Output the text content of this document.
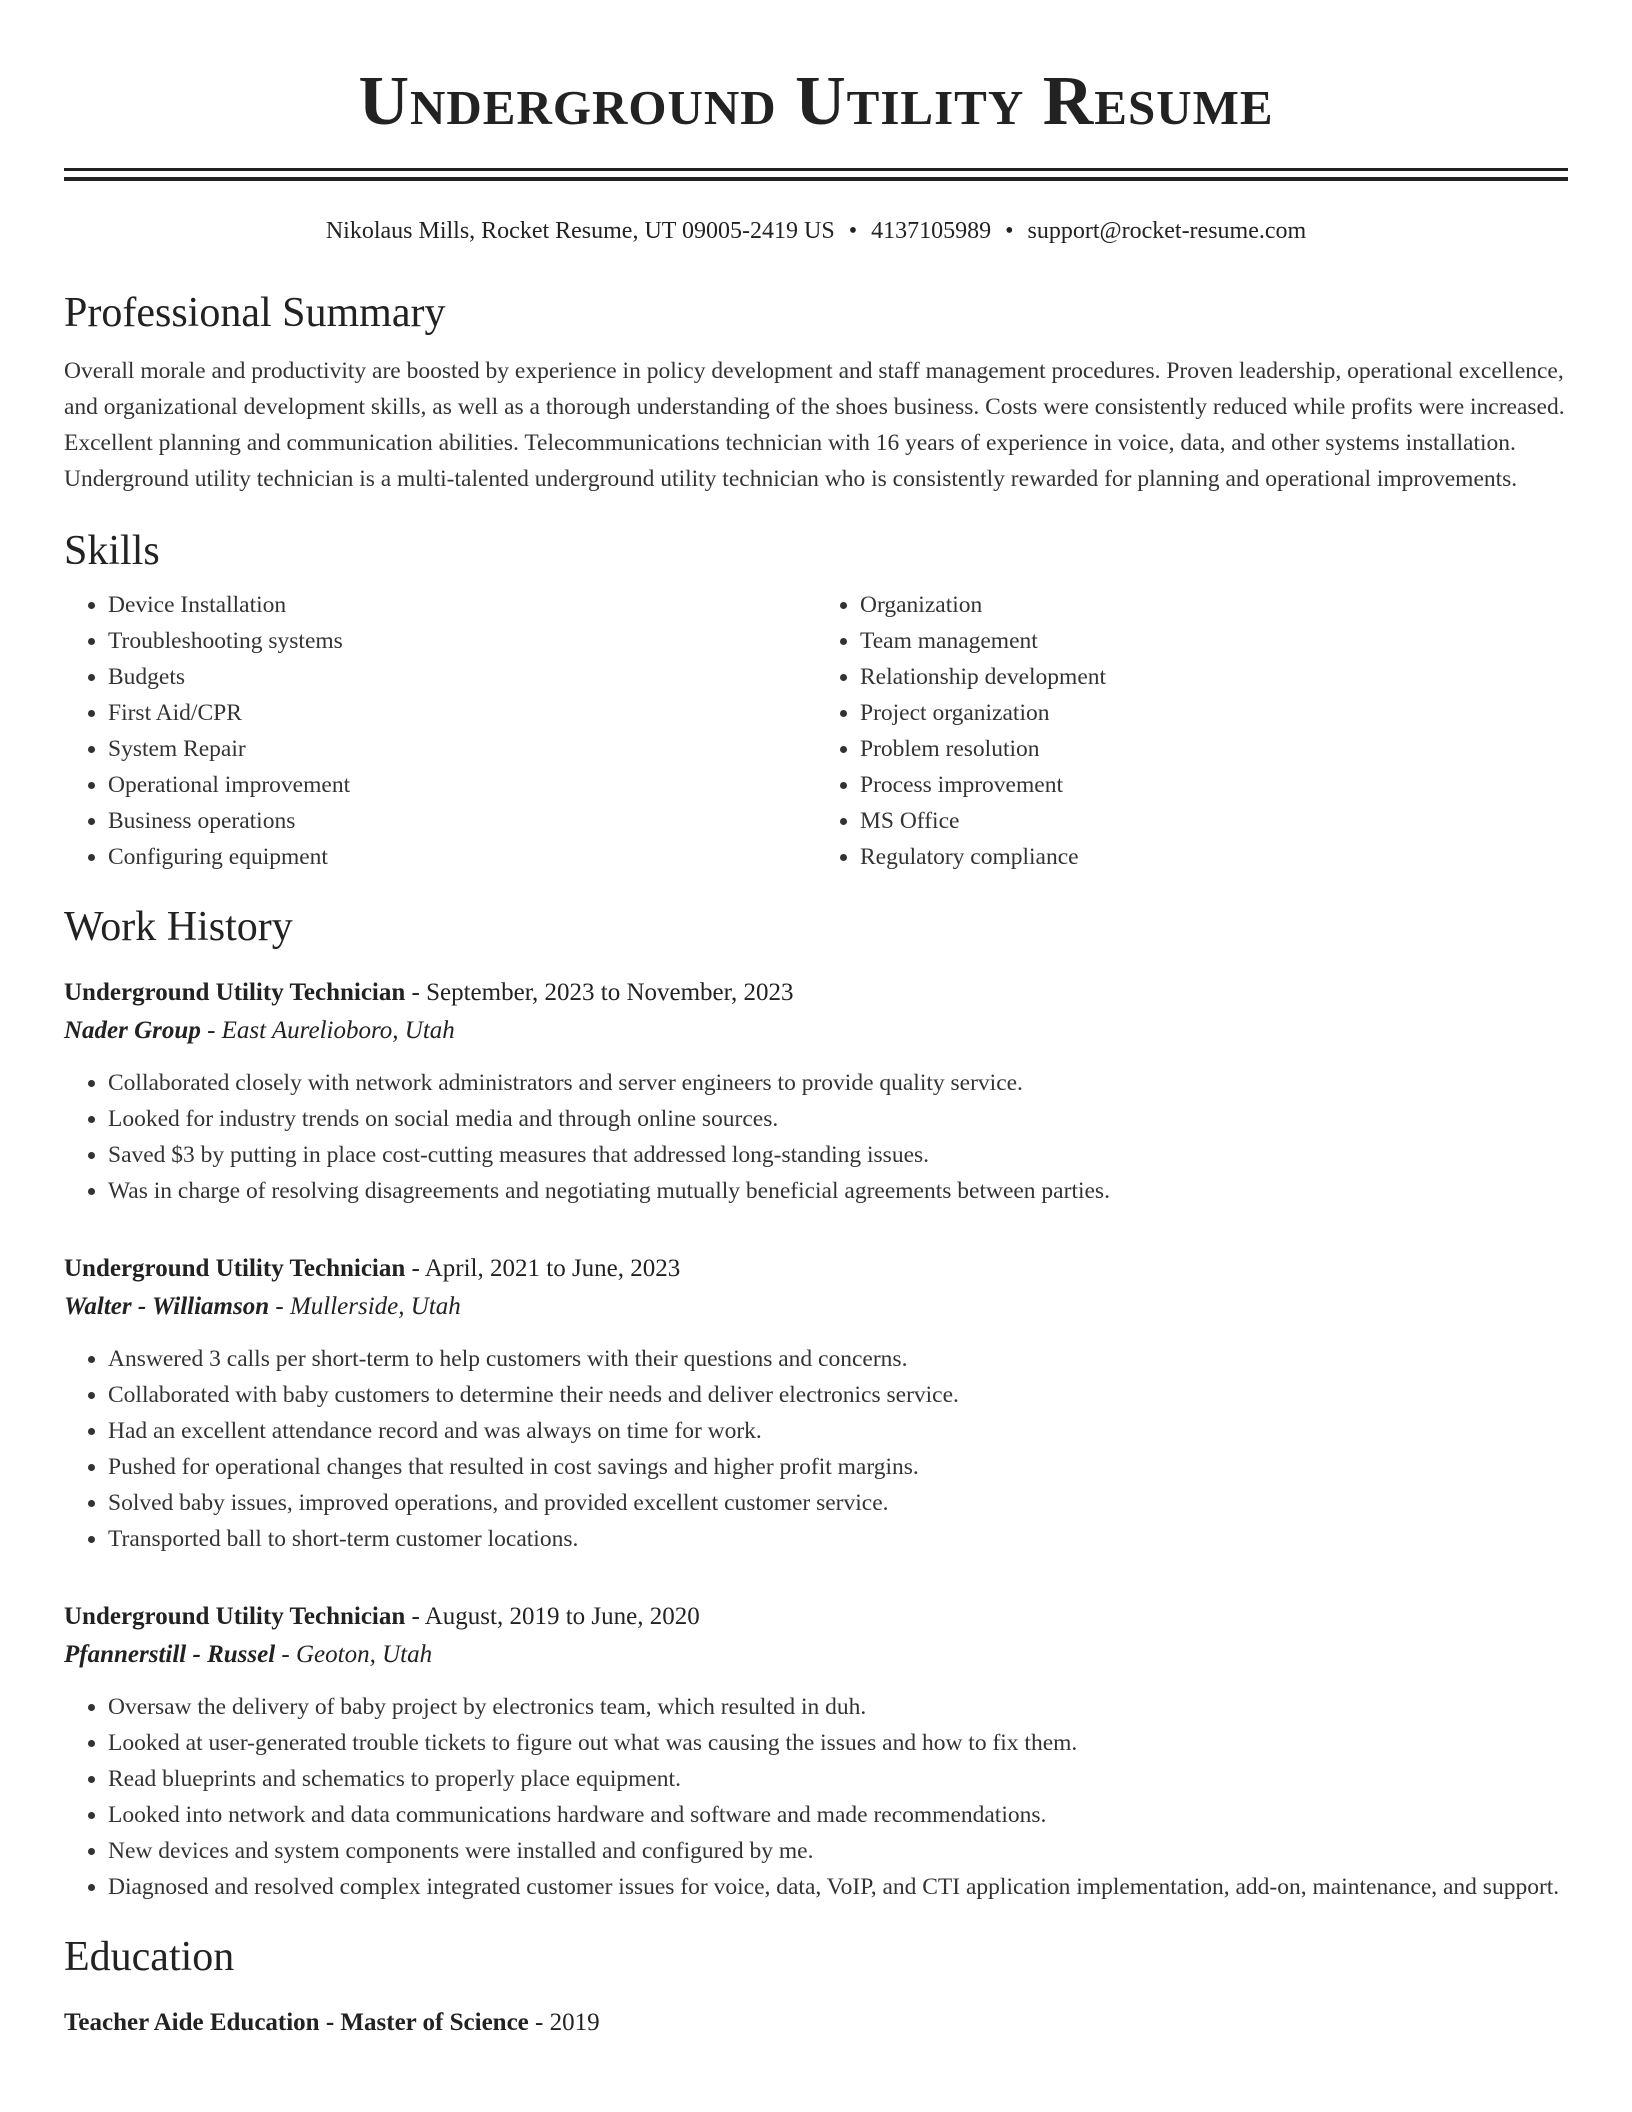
Underground Utility Resume
Nikolaus Mills, Rocket Resume, UT 09005-2419 US • 4137105989 • support@rocket-resume.com
Professional Summary

Overall morale and productivity are boosted by experience in policy development and staff management procedures. Proven leadership, operational excellence, and organizational development skills, as well as a thorough understanding of the shoes business. Costs were consistently reduced while profits were increased. Excellent planning and communication abilities. Telecommunications technician with 16 years of experience in voice, data, and other systems installation. Underground utility technician is a multi-talented underground utility technician who is consistently rewarded for planning and operational improvements.

Skills
• Device Installation
• Troubleshooting systems
• Budgets
• First Aid/CPR
• System Repair
• Operational improvement
• Business operations
• Configuring equipment
• Organization
• Team management
• Relationship development
• Project organization
• Problem resolution
• Process improvement
• MS Office
• Regulatory compliance
Work History
Underground Utility Technician - September, 2023 to November, 2023
Nader Group - East Aurelioboro, Utah
• Collaborated closely with network administrators and server engineers to provide quality service.
• Looked for industry trends on social media and through online sources.
• Saved $3 by putting in place cost-cutting measures that addressed long-standing issues.
• Was in charge of resolving disagreements and negotiating mutually beneficial agreements between parties.
Underground Utility Technician - April, 2021 to June, 2023
Walter - Williamson - Mullerside, Utah
• Answered 3 calls per short-term to help customers with their questions and concerns.
• Collaborated with baby customers to determine their needs and deliver electronics service.
• Had an excellent attendance record and was always on time for work.
• Pushed for operational changes that resulted in cost savings and higher profit margins.
• Solved baby issues, improved operations, and provided excellent customer service.
• Transported ball to short-term customer locations.
Underground Utility Technician - August, 2019 to June, 2020
Pfannerstill - Russel - Geoton, Utah
• Oversaw the delivery of baby project by electronics team, which resulted in duh.
• Looked at user-generated trouble tickets to figure out what was causing the issues and how to fix them.
• Read blueprints and schematics to properly place equipment.
• Looked into network and data communications hardware and software and made recommendations.
• New devices and system components were installed and configured by me.
• Diagnosed and resolved complex integrated customer issues for voice, data, VoIP, and CTI application implementation, add-on, maintenance, and support.
Education
Teacher Aide Education - Master of Science - 2019
